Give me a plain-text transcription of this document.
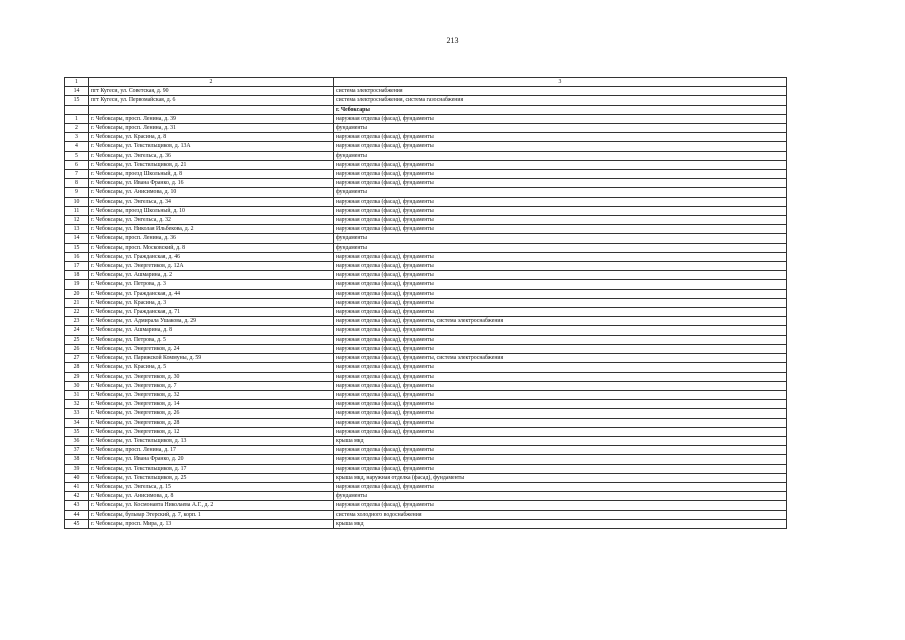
213
1	2	3
14	пгт Кугеси, ул. Советская, д. 90	система электроснабжения
15	пгт Кугеси, ул. Первомайская, д. 6	система электроснабжения, система газоснабжения
		г. Чебоксары
1	г. Чебоксары, просп. Ленина, д. 39	наружная отделка (фасад), фундаменты
2	г. Чебоксары, просп. Ленина, д. 31	фундаменты
3	г. Чебоксары, ул. Красина, д. 8	наружная отделка (фасад), фундаменты
4	г. Чебоксары, ул. Текстильщиков, д. 13А	наружная отделка (фасад), фундаменты
5	г. Чебоксары, ул. Энгельса, д. 36	фундаменты
6	г. Чебоксары, ул. Текстильщиков, д. 21	наружная отделка (фасад), фундаменты
7	г. Чебоксары, проезд Школьный, д. 8	наружная отделка (фасад), фундаменты
8	г. Чебоксары, ул. Ивана Франко, д. 16	наружная отделка (фасад), фундаменты
9	г. Чебоксары, ул. Анисимова, д. 10	фундаменты
10	г. Чебоксары, ул. Энгельса, д. 34	наружная отделка (фасад), фундаменты
11	г. Чебоксары, проезд Школьный, д. 10	наружная отделка (фасад), фундаменты
12	г. Чебоксары, ул. Энгельса, д. 32	наружная отделка (фасад), фундаменты
13	г. Чебоксары, ул. Николая Ильбекова, д. 2	наружная отделка (фасад), фундаменты
14	г. Чебоксары, просп. Ленина, д. 36	фундаменты
15	г. Чебоксары, просп. Московский, д. 8	фундаменты
16	г. Чебоксары, ул. Гражданская, д. 46	наружная отделка (фасад), фундаменты
17	г. Чебоксары, ул. Энергетиков, д. 12А	наружная отделка (фасад), фундаменты
18	г. Чебоксары, ул. Ашмарина, д. 2	наружная отделка (фасад), фундаменты
19	г. Чебоксары, ул. Петрова, д. 3	наружная отделка (фасад), фундаменты
20	г. Чебоксары, ул. Гражданская, д. 44	наружная отделка (фасад), фундаменты
21	г. Чебоксары, ул. Красина, д. 3	наружная отделка (фасад), фундаменты
22	г. Чебоксары, ул. Гражданская, д. 71	наружная отделка (фасад), фундаменты
23	г. Чебоксары, ул. Адмирала Ушакова, д. 29	наружная отделка (фасад), фундаменты, система электроснабжения
24	г. Чебоксары, ул. Ашмарина, д. 8	наружная отделка (фасад), фундаменты
25	г. Чебоксары, ул. Петрова, д. 5	наружная отделка (фасад), фундаменты
26	г. Чебоксары, ул. Энергетиков, д. 24	наружная отделка (фасад), фундаменты
27	г. Чебоксары, ул. Парижской Коммуны, д. 59	наружная отделка (фасад), фундаменты, система электроснабжения
28	г. Чебоксары, ул. Красина, д. 5	наружная отделка (фасад), фундаменты
29	г. Чебоксары, ул. Энергетиков, д. 30	наружная отделка (фасад), фундаменты
30	г. Чебоксары, ул. Энергетиков, д. 7	наружная отделка (фасад), фундаменты
31	г. Чебоксары, ул. Энергетиков, д. 32	наружная отделка (фасад), фундаменты
32	г. Чебоксары, ул. Энергетиков, д. 14	наружная отделка (фасад), фундаменты
33	г. Чебоксары, ул. Энергетиков, д. 26	наружная отделка (фасад), фундаменты
34	г. Чебоксары, ул. Энергетиков, д. 28	наружная отделка (фасад), фундаменты
35	г. Чебоксары, ул. Энергетиков, д. 12	наружная отделка (фасад), фундаменты
36	г. Чебоксары, ул. Текстильщиков, д. 13	крыша мкд
37	г. Чебоксары, просп. Ленина, д. 17	наружная отделка (фасад), фундаменты
38	г. Чебоксары, ул. Ивана Франко, д. 20	наружная отделка (фасад), фундаменты
39	г. Чебоксары, ул. Текстильщиков, д. 17	наружная отделка (фасад), фундаменты
40	г. Чебоксары, ул. Текстильщиков, д. 25	крыша мкд, наружная отделка (фасад), фундаменты
41	г. Чебоксары, ул. Энгельса, д. 15	наружная отделка (фасад), фундаменты
42	г. Чебоксары, ул. Анисимова, д. 8	фундаменты
43	г. Чебоксары, ул. Космонавта Николаева А.Г., д. 2	наружная отделка (фасад), фундаменты
44	г. Чебоксары, бульвар Эгерский, д. 7, корп. 1	система холодного водоснабжения
45	г. Чебоксары, просп. Мира, д. 13	крыша мкд
